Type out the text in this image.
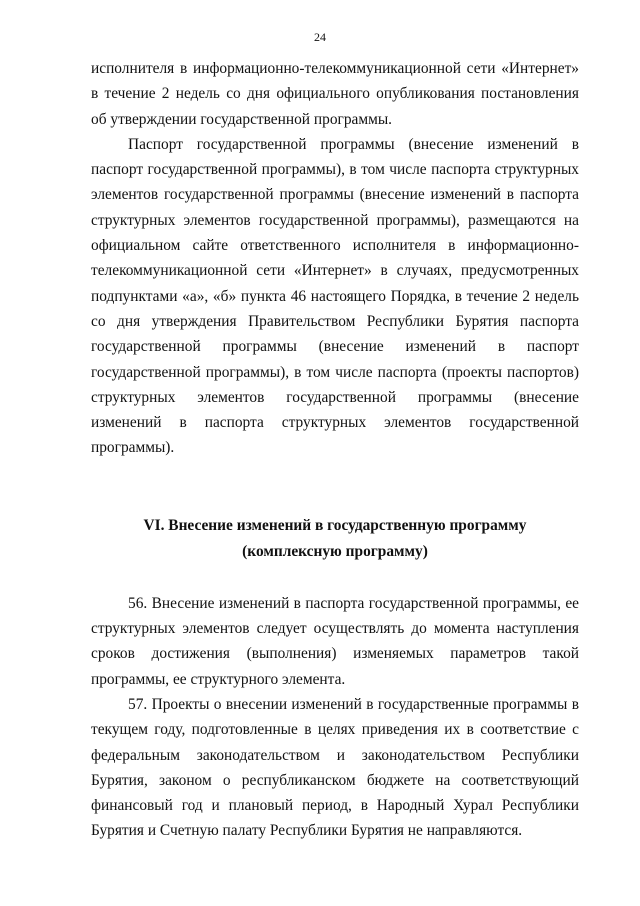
24

исполнителя в информационно-телекоммуникационной сети «Интернет» в течение 2 недель со дня официального опубликования постановления об утверждении государственной программы.

Паспорт государственной программы (внесение изменений в паспорт государственной программы), в том числе паспорта структурных элементов государственной программы (внесение изменений в паспорта структурных элементов государственной программы), размещаются на официальном сайте ответственного исполнителя в информационно-телекоммуникационной сети «Интернет» в случаях, предусмотренных подпунктами «а», «б» пункта 46 настоящего Порядка, в течение 2 недель со дня утверждения Правительством Республики Бурятия паспорта государственной программы (внесение изменений в паспорт государственной программы), в том числе паспорта (проекты паспортов) структурных элементов государственной программы (внесение изменений в паспорта структурных элементов государственной программы).

VI. Внесение изменений в государственную программу
(комплексную программу)

56. Внесение изменений в паспорта государственной программы, ее структурных элементов следует осуществлять до момента наступления сроков достижения (выполнения) изменяемых параметров такой программы, ее структурного элемента.

57. Проекты о внесении изменений в государственные программы в текущем году, подготовленные в целях приведения их в соответствие с федеральным законодательством и законодательством Республики Бурятия, законом о республиканском бюджете на соответствующий финансовый год и плановый период, в Народный Хурал Республики Бурятия и Счетную палату Республики Бурятия не направляются.
